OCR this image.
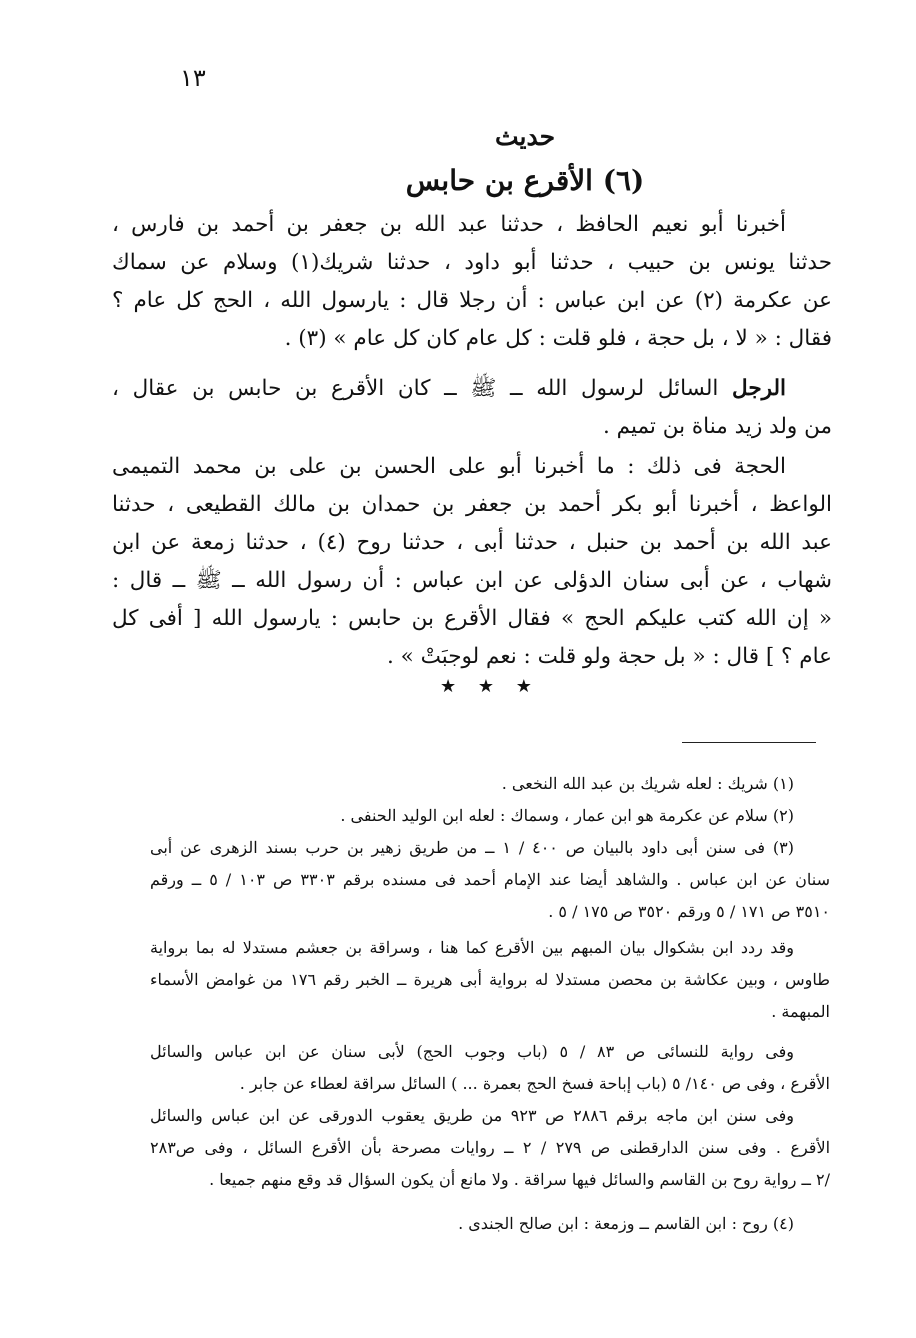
١٣
حديث
(٦) الأقرع بن حابس
أخبرنا أبو نعيم الحافظ ، حدثنا عبد الله بن جعفر بن أحمد بن فارس ،
حدثنا يونس بن حبيب ، حدثنا أبو داود ، حدثنا شريك(١) وسلام عن سماك
عن عكرمة (٢) عن ابن عباس : أن رجلا قال : يارسول الله ، الحج كل عام ؟
فقال : « لا ، بل حجة ، فلو قلت : كل عام كان كل عام » (٣) .
الرجل السائل لرسول الله ــ ﷺ ــ كان الأقرع بن حابس بن عقال ،
من ولد زيد مناة بن تميم .
الحجة فى ذلك : ما أخبرنا أبو على الحسن بن على بن محمد التميمى
الواعظ ، أخبرنا أبو بكر أحمد بن جعفر بن حمدان بن مالك القطيعى ، حدثنا
عبد الله بن أحمد بن حنبل ، حدثنا أبى ، حدثنا روح (٤) ، حدثنا زمعة عن ابن
شهاب ، عن أبى سنان الدؤلى عن ابن عباس : أن رسول الله ــ ﷺ ــ قال :
« إن الله كتب عليكم الحج » فقال الأقرع بن حابس : يارسول الله [ أفى كل
عام ؟ ] قال : « بل حجة ولو قلت : نعم لوجبَتْ » .
★ ★ ★
(١) شريك : لعله شريك بن عبد الله النخعى .
(٢) سلام عن عكرمة هو ابن عمار ، وسماك : لعله ابن الوليد الحنفى .
(٣) فى سنن أبى داود بالبيان ص ٤٠٠ / ١ ــ من طريق زهير بن حرب بسند الزهرى عن أبى
سنان عن ابن عباس . والشاهد أيضا عند الإمام أحمد فى مسنده برقم ٣٣٠٣ ص ١٠٣ / ٥ ــ ورقم
٣٥١٠ ص ١٧١ / ٥ ورقم ٣٥٢٠ ص ١٧٥ / ٥ .
وقد ردد ابن بشكوال بيان المبهم بين الأقرع كما هنا ، وسراقة بن جعشم مستدلا له بما برواية
طاوس ، وبين عكاشة بن محصن مستدلا له برواية أبى هريرة ــ الخبر رقم ١٧٦ من غوامض الأسماء
المبهمة .
وفى رواية للنسائى ص ٨٣ / ٥ (باب وجوب الحج) لأبى سنان عن ابن عباس والسائل
الأقرع ، وفى ص ١٤٠/ ٥ (باب إباحة فسخ الحج بعمرة ... ) السائل سراقة لعطاء عن جابر .
وفى سنن ابن ماجه برقم ٢٨٨٦ ص ٩٢٣ من طريق يعقوب الدورقى عن ابن عباس والسائل
الأقرع . وفى سنن الدارقطنى ص ٢٧٩ / ٢ ــ روايات مصرحة بأن الأقرع السائل ، وفى ص٢٨٣
/٢ ــ رواية روح بن القاسم والسائل فيها سراقة . ولا مانع أن يكون السؤال قد وقع منهم جميعا .
(٤) روح : ابن القاسم ــ وزمعة : ابن صالح الجندى .
